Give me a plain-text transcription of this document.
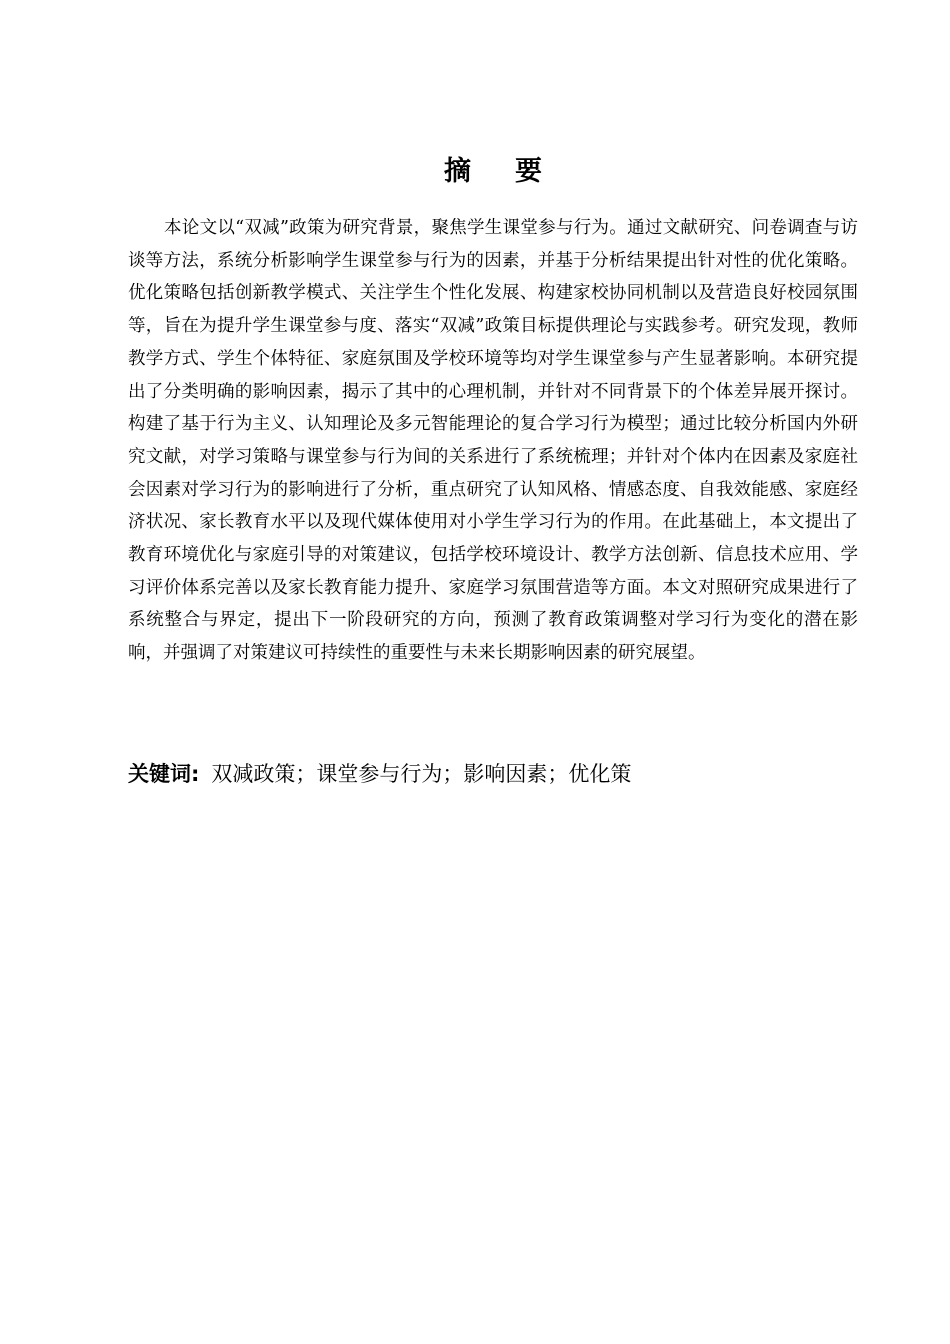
摘 要

本论文以“双减”政策为研究背景，聚焦学生课堂参与行为。通过文献研究、问卷调查与访谈等方法，系统分析影响学生课堂参与行为的因素，并基于分析结果提出针对性的优化策略。优化策略包括创新教学模式、关注学生个性化发展、构建家校协同机制以及营造良好校园氛围等，旨在为提升学生课堂参与度、落实“双减”政策目标提供理论与实践参考。研究发现，教师教学方式、学生个体特征、家庭氛围及学校环境等均对学生课堂参与产生显著影响。本研究提出了分类明确的影响因素，揭示了其中的心理机制，并针对不同背景下的个体差异展开探讨。构建了基于行为主义、认知理论及多元智能理论的复合学习行为模型；通过比较分析国内外研究文献，对学习策略与课堂参与行为间的关系进行了系统梳理；并针对个体内在因素及家庭社会因素对学习行为的影响进行了分析，重点研究了认知风格、情感态度、自我效能感、家庭经济状况、家长教育水平以及现代媒体使用对小学生学习行为的作用。在此基础上，本文提出了教育环境优化与家庭引导的对策建议，包括学校环境设计、教学方法创新、信息技术应用、学习评价体系完善以及家长教育能力提升、家庭学习氛围营造等方面。本文对照研究成果进行了系统整合与界定，提出下一阶段研究的方向，预测了教育政策调整对学习行为变化的潜在影响，并强调了对策建议可持续性的重要性与未来长期影响因素的研究展望。

关键词: 双减政策；课堂参与行为；影响因素；优化策
